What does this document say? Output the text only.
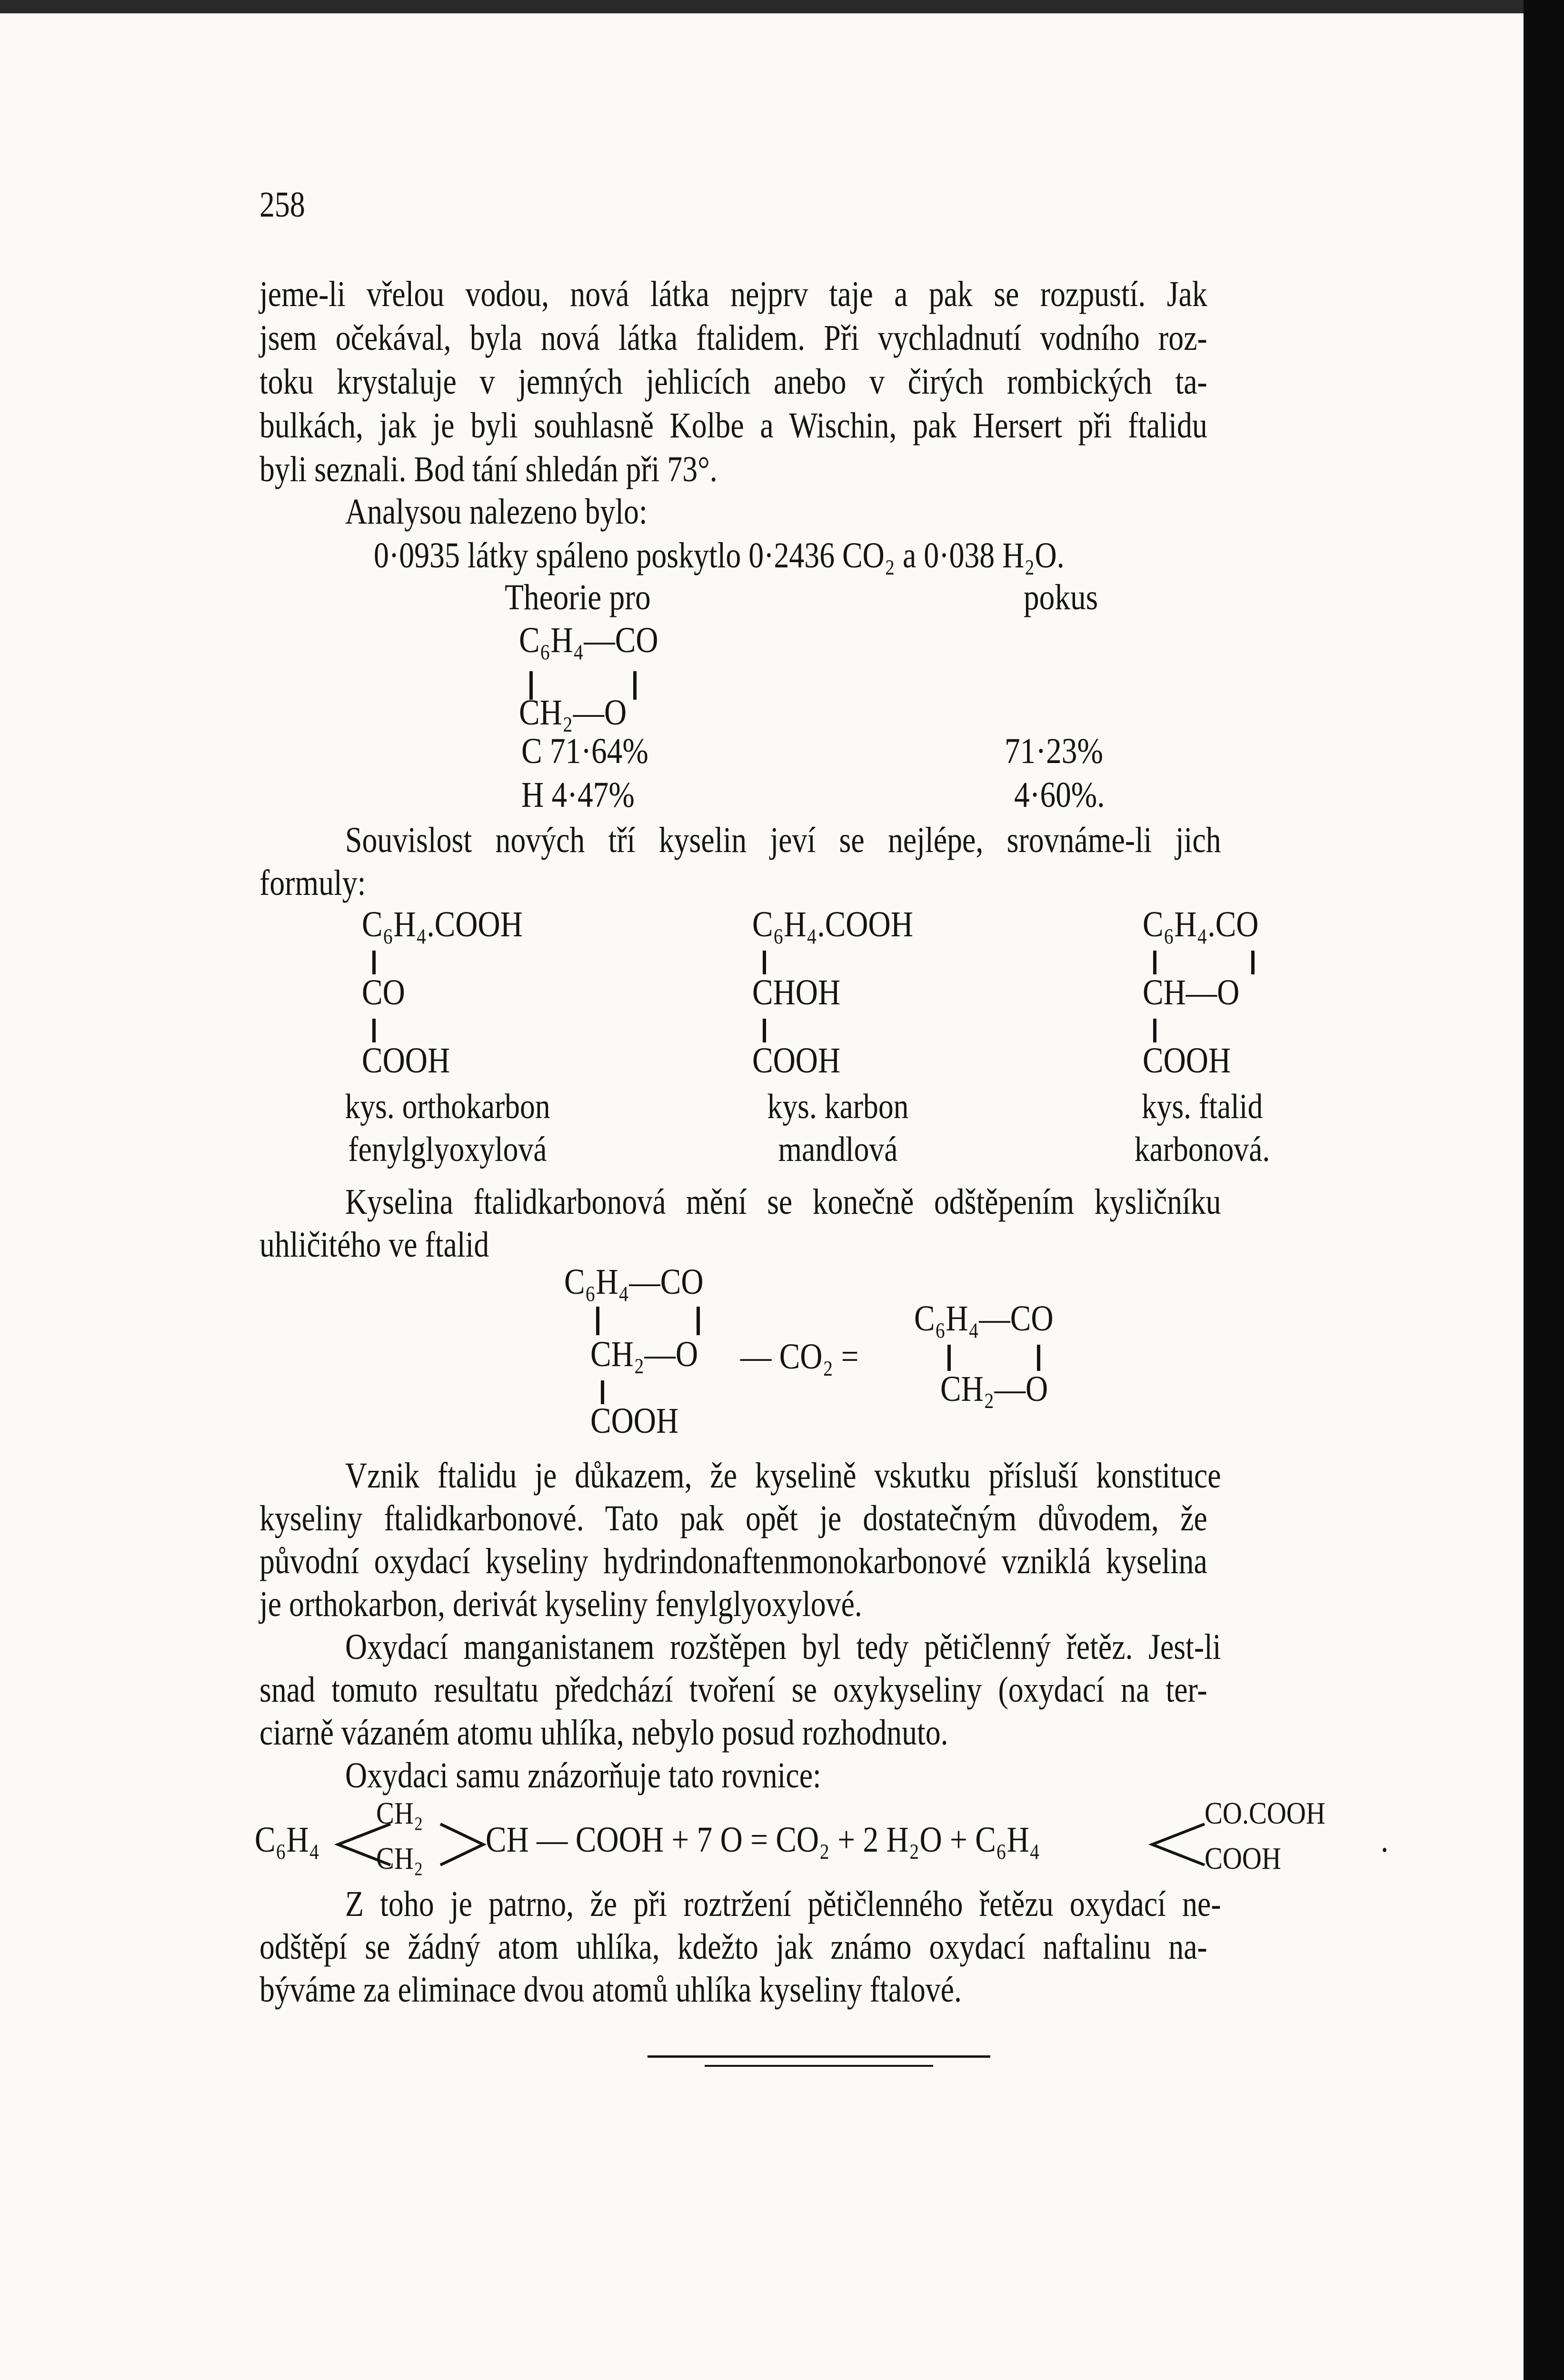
258
jeme-li vřelou vodou, nová látka nejprv taje a pak se rozpustí. Jak
jsem očekával, byla nová látka ftalidem. Při vychladnutí vodního roz-
toku krystaluje v jemných jehlicích anebo v čirých rombických ta-
bulkách, jak je byli souhlasně Kolbe a Wischin, pak Hersert při ftalidu
byli seznali. Bod tání shledán při 73°.
Analysou nalezeno bylo:
0·0935 látky spáleno poskytlo 0·2436 CO₂ a 0·038 H₂O.
Theorie pro	pokus
C₆H₄—CO
CH₂—O
C 71·64%	71·23%
H 4·47%	4·60%.
Souvislost nových tří kyselin jeví se nejlépe, srovnáme-li jich
formuly:
C₆H₄.COOH
CO
COOH
kys. orthokarbon
fenylglyoxylová
C₆H₄.COOH
CHOH
COOH
kys. karbon
mandlová
C₆H₄.CO
CH—O
COOH
kys. ftalid
karbonová.
Kyselina ftalidkarbonová mění se konečně odštěpením kysličníku
uhličitého ve ftalid
C₆H₄—CO
CH₂—O
COOH
— CO₂ =
C₆H₄—CO
CH₂—O
Vznik ftalidu je důkazem, že kyselině vskutku přísluší konstituce
kyseliny ftalidkarbonové. Tato pak opět je dostatečným důvodem, že
původní oxydací kyseliny hydrindonaftenmonokarbonové vzniklá kyselina
je orthokarbon, derivát kyseliny fenylglyoxylové.
Oxydací manganistanem rozštěpen byl tedy pětičlenný řetěz. Jest-li
snad tomuto resultatu předchází tvoření se oxykyseliny (oxydací na ter-
ciarně vázaném atomu uhlíka, nebylo posud rozhodnuto.
Oxydaci samu znázorňuje tato rovnice:
C₆H₄
CH₂
CH₂ CH — COOH + 7 O = CO₂ + 2 H₂O + C₆H₄
CO.COOH
COOH	.
Z toho je patrno, že při roztržení pětičlenného řetězu oxydací ne-
odštěpí se žádný atom uhlíka, kdežto jak známo oxydací naftalinu na-
býváme za eliminace dvou atomů uhlíka kyseliny ftalové.
